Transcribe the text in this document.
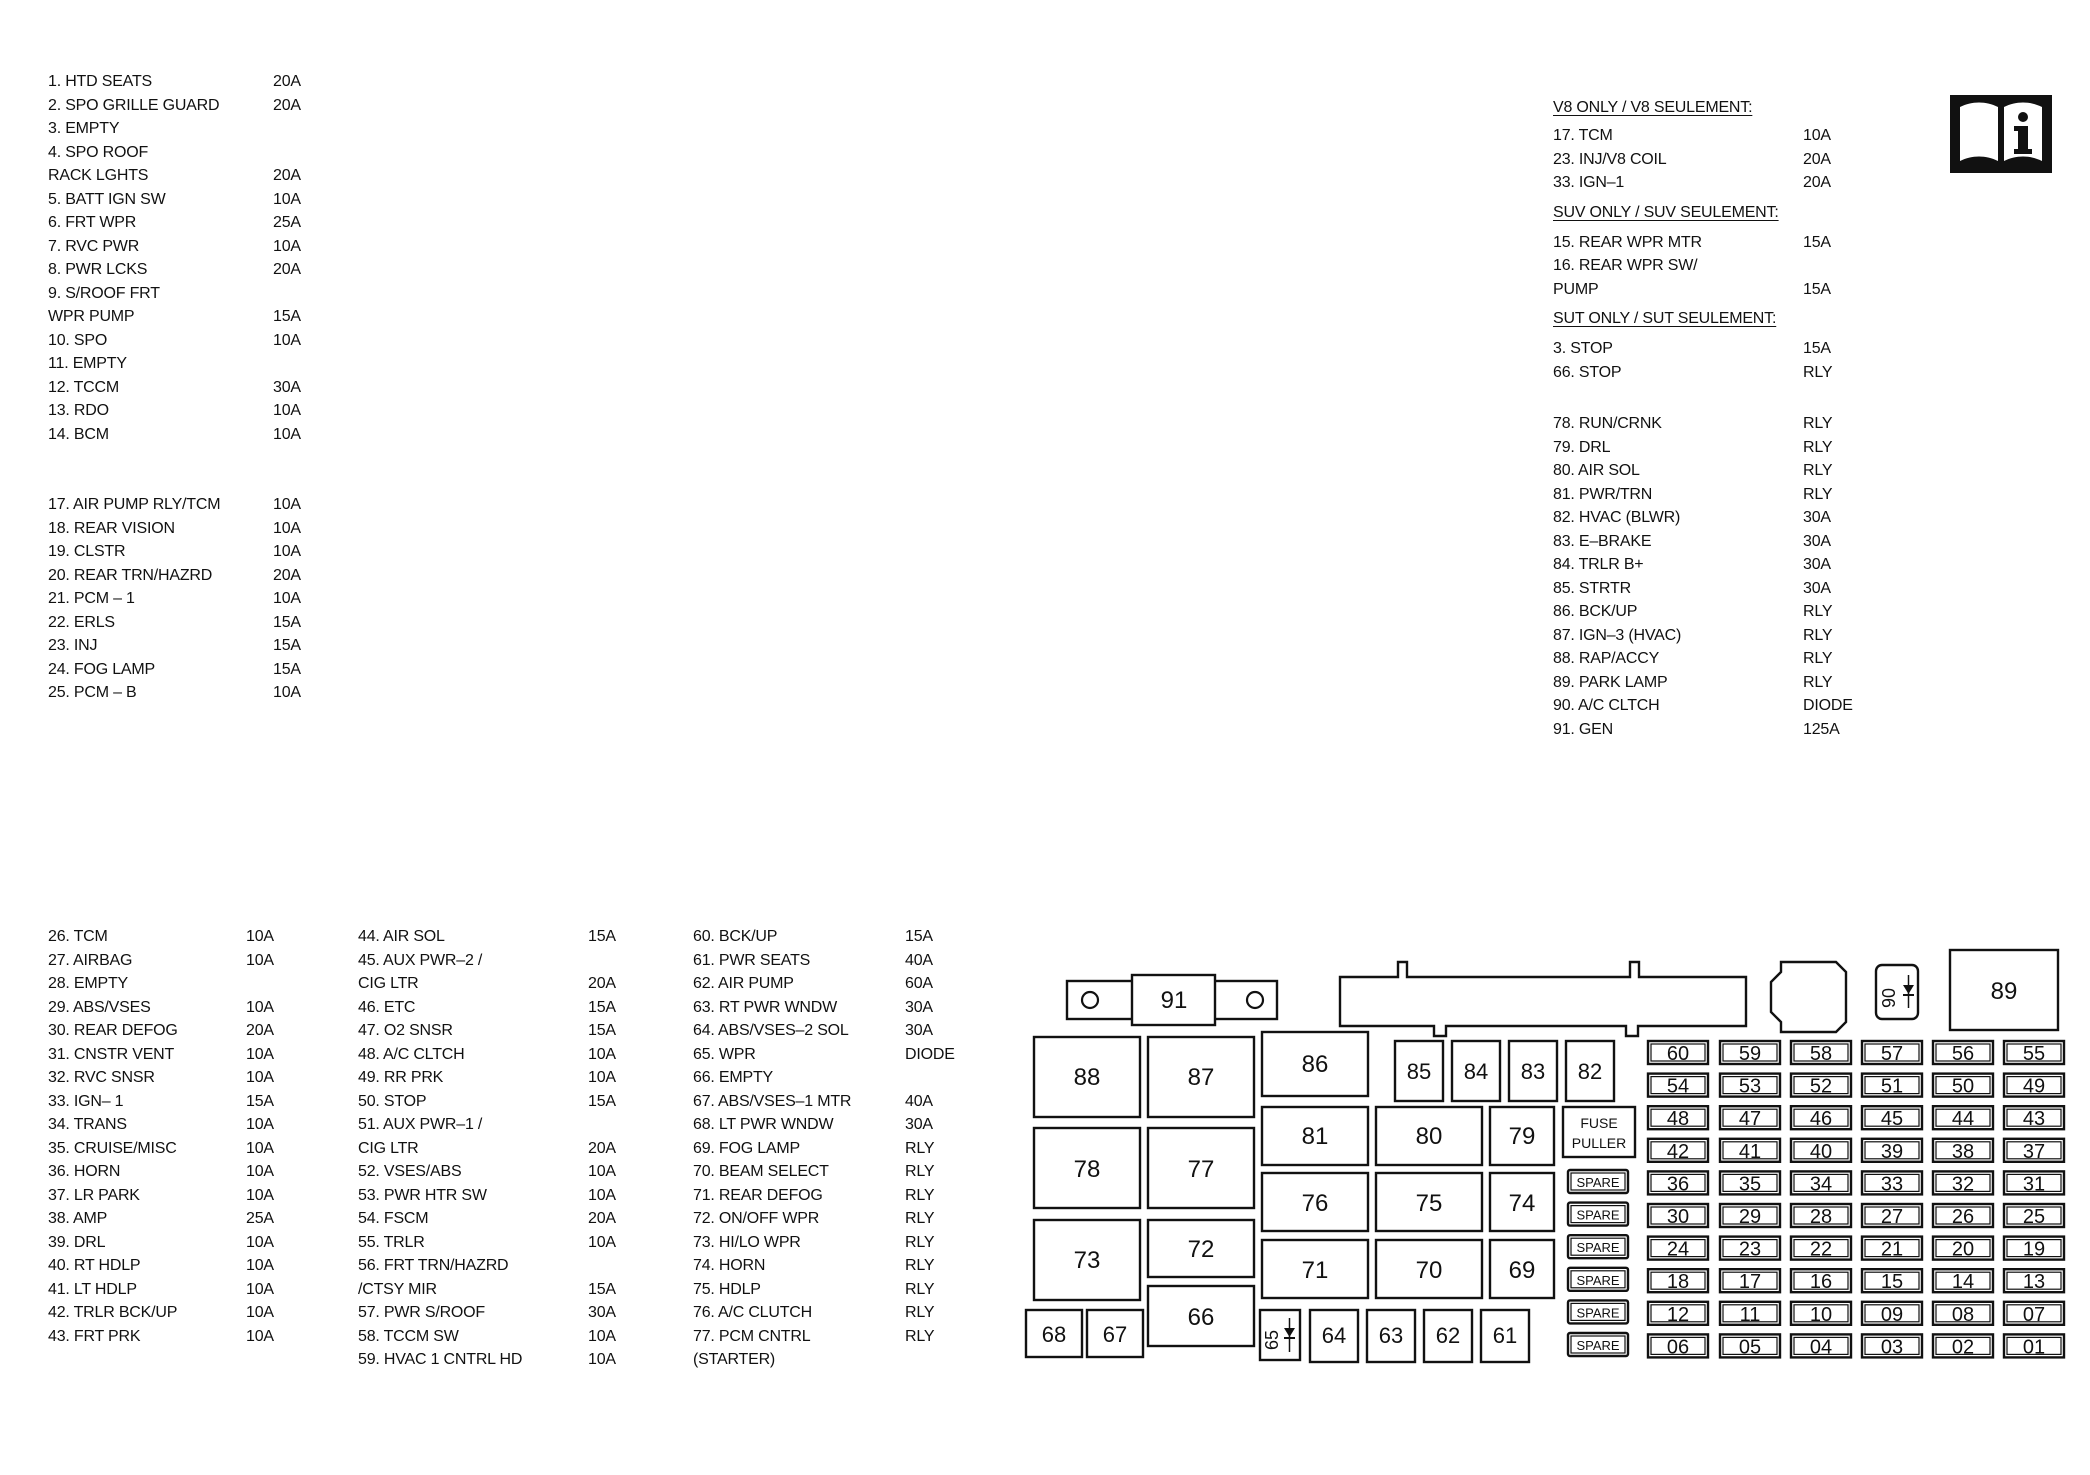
1. HTD SEATS	20A
2. SPO GRILLE GUARD	20A
3. EMPTY
4. SPO ROOF
RACK LGHTS	20A
5. BATT IGN SW	10A
6. FRT WPR	25A
7. RVC PWR	10A
8. PWR LCKS	20A
9. S/ROOF FRT
WPR PUMP	15A
10. SPO	10A
11. EMPTY
12. TCCM	30A
13. RDO	10A
14. BCM	10A
17. AIR PUMP RLY/TCM	10A
18. REAR VISION	10A
19. CLSTR	10A
20. REAR TRN/HAZRD	20A
21. PCM – 1	10A
22. ERLS	15A
23. INJ	15A
24. FOG LAMP	15A
25. PCM – B	10A
26. TCM	10A
27. AIRBAG	10A
28. EMPTY
29. ABS/VSES	10A
30. REAR DEFOG	20A
31. CNSTR VENT	10A
32. RVC SNSR	10A
33. IGN– 1	15A
34. TRANS	10A
35. CRUISE/MISC	10A
36. HORN	10A
37. LR PARK	10A
38. AMP	25A
39. DRL	10A
40. RT HDLP	10A
41. LT HDLP	10A
42. TRLR BCK/UP	10A
43. FRT PRK	10A
44. AIR SOL	15A
45. AUX PWR–2 /
CIG LTR	20A
46. ETC	15A
47. O2 SNSR	15A
48. A/C CLTCH	10A
49. RR PRK	10A
50. STOP	15A
51. AUX PWR–1 /
CIG LTR	20A
52. VSES/ABS	10A
53. PWR HTR SW	10A
54. FSCM	20A
55. TRLR	10A
56. FRT TRN/HAZRD
/CTSY MIR	15A
57. PWR S/ROOF	30A
58. TCCM SW	10A
59. HVAC 1 CNTRL HD	10A
60. BCK/UP	15A
61. PWR SEATS	40A
62. AIR PUMP	60A
63. RT PWR WNDW	30A
64. ABS/VSES–2 SOL	30A
65. WPR	DIODE
66. EMPTY
67. ABS/VSES–1 MTR	40A
68. LT PWR WNDW	30A
69. FOG LAMP	RLY
70. BEAM SELECT	RLY
71. REAR DEFOG	RLY
72. ON/OFF WPR	RLY
73. HI/LO WPR	RLY
74. HORN	RLY
75. HDLP	RLY
76. A/C CLUTCH	RLY
77. PCM CNTRL	RLY
(STARTER)
V8 ONLY / V8 SEULEMENT:
17. TCM	10A
23. INJ/V8 COIL	20A
33. IGN–1	20A
SUV ONLY / SUV SEULEMENT:
15. REAR WPR MTR	15A
16. REAR WPR SW/
PUMP	15A
SUT ONLY / SUT SEULEMENT:
3. STOP	15A
66. STOP	RLY
78. RUN/CRNK	RLY
79. DRL	RLY
80. AIR SOL	RLY
81. PWR/TRN	RLY
82. HVAC (BLWR)	30A
83. E–BRAKE	30A
84. TRLR B+	30A
85. STRTR	30A
86. BCK/UP	RLY
87. IGN–3 (HVAC)	RLY
88. RAP/ACCY	RLY
89. PARK LAMP	RLY
90. A/C CLTCH	DIODE
91. GEN	125A
91	90	89
88	87	86
78	77
73	72
66
68 67
85 84 83 82
81	80	79
76	75	74
71	70	69
65 64 63 62 61
FUSE
PULLER
SPARE
SPARE
SPARE
SPARE
SPARE
SPARE
60 59 58 57 56 55
54 53 52 51 50 49
48 47 46 45 44 43
42 41 40 39 38 37
36 35 34 33 32 31
30 29 28 27 26 25
24 23 22 21 20 19
18 17 16 15 14 13
12	11 10 09 08 07
06 05 04 03 02 01
